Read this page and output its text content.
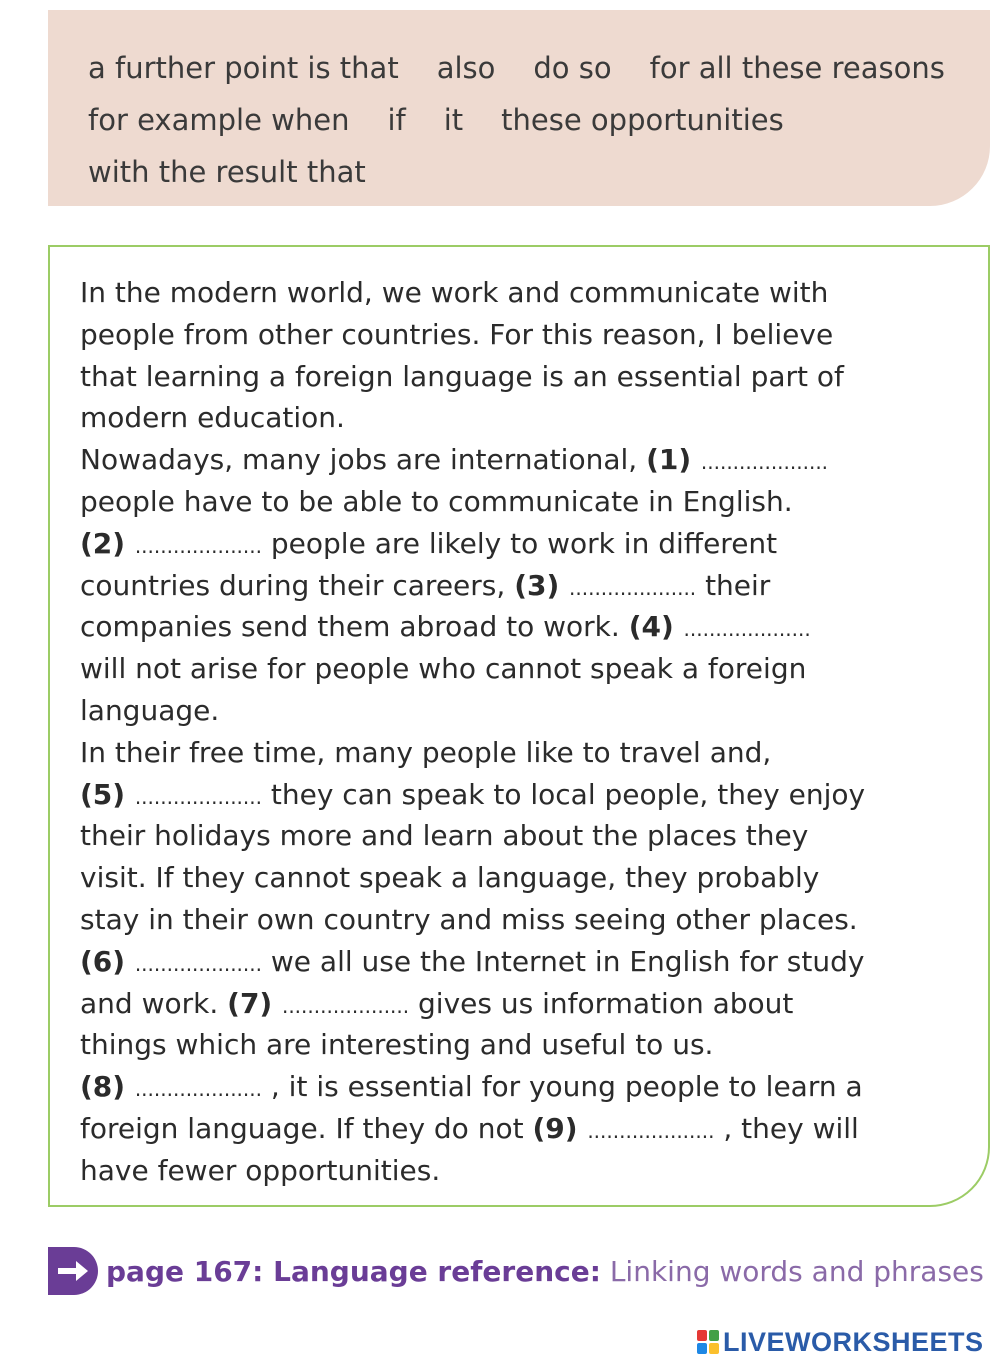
a further point is that also do so for all these reasons
for example when if it these opportunities
with the result that
In the modern world, we work and communicate with
people from other countries. For this reason, I believe
that learning a foreign language is an essential part of
modern education.
Nowadays, many jobs are international, (1) ....................
people have to be able to communicate in English.
(2) .................... people are likely to work in different
countries during their careers, (3) .................... their
companies send them abroad to work. (4) ....................
will not arise for people who cannot speak a foreign
language.
In their free time, many people like to travel and,
(5) .................... they can speak to local people, they enjoy
their holidays more and learn about the places they
visit. If they cannot speak a language, they probably
stay in their own country and miss seeing other places.
(6) .................... we all use the Internet in English for study
and work. (7) .................... gives us information about
things which are interesting and useful to us.
(8) .................... , it is essential for young people to learn a
foreign language. If they do not (9) .................... , they will
have fewer opportunities.
page 167: Language reference: Linking words and phrases
LIVEWORKSHEETS
